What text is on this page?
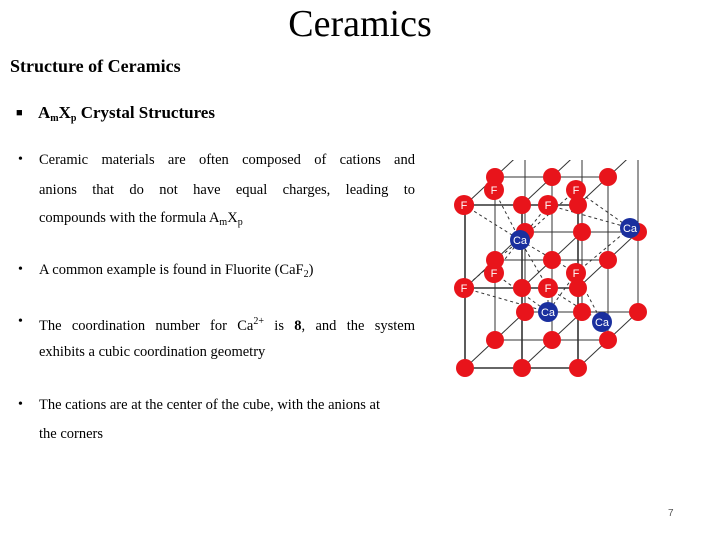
Ceramics
Structure of Ceramics
■ $A_mX_p$ Crystal Structures
• Ceramic materials are often composed of cations and
anions that do not have equal charges, leading to
compounds with the formula $A_mX_p$
• A common example is found in Fluorite (CaF$_2$)
• The coordination number for $Ca^{2+}$ is 8, and the system
exhibits a cubic coordination geometry
• The cations are at the center of the cube, with the anions at
the corners
F
F
F
F
F
F
F
F
Ca
Ca
Ca
Ca
7
